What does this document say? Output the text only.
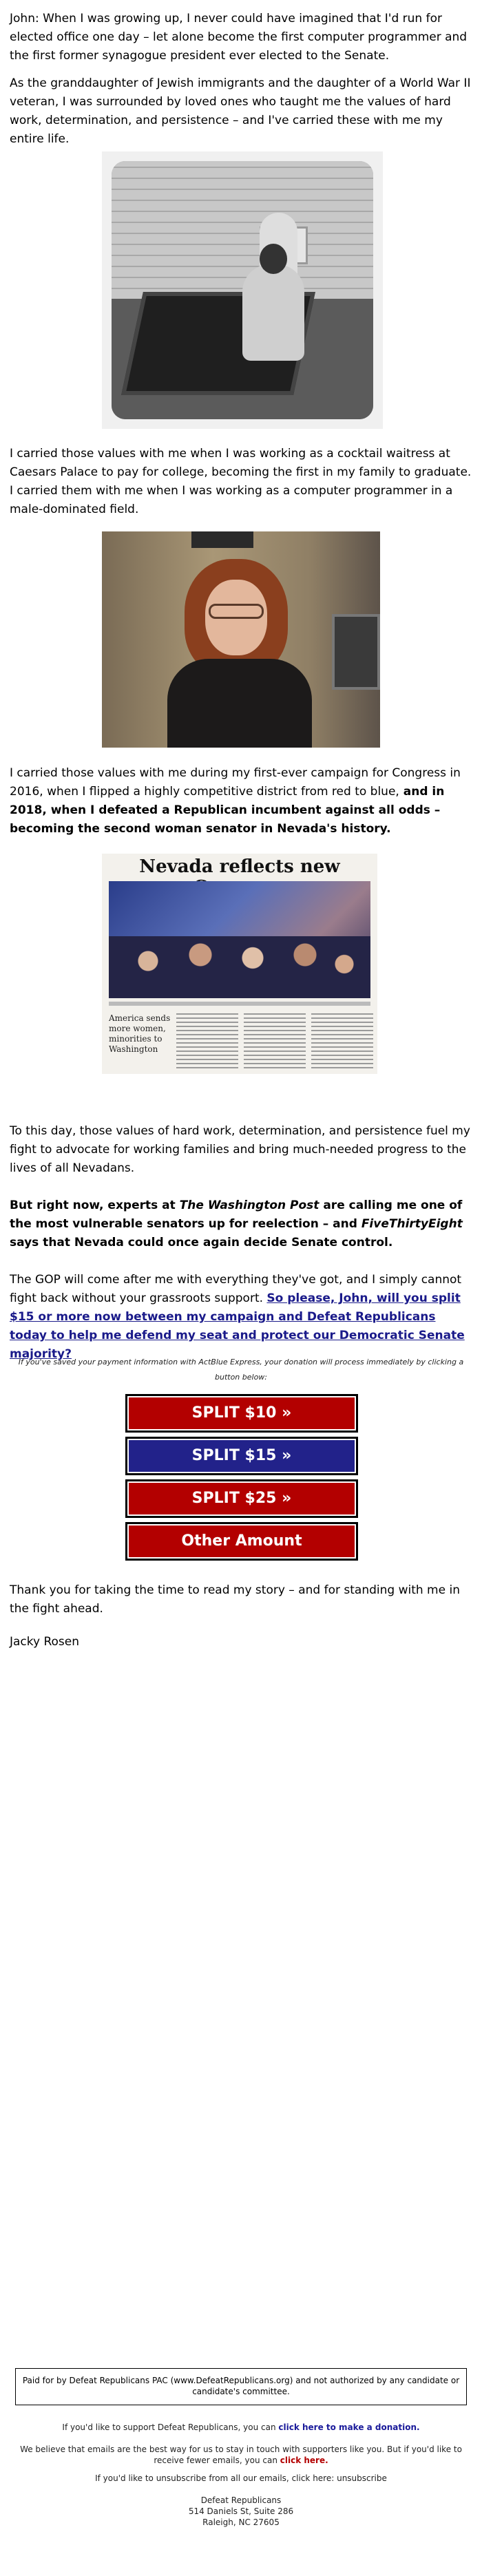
John: When I was growing up, I never could have imagined that I'd run for elected office one day – let alone become the first computer programmer and the first former synagogue president ever elected to the Senate.

As the granddaughter of Jewish immigrants and the daughter of a World War II veteran, I was surrounded by loved ones who taught me the values of hard work, determination, and persistence – and I've carried these with me my entire life.

I carried those values with me when I was working as a cocktail waitress at Caesars Palace to pay for college, becoming the first in my family to graduate. I carried them with me when I was working as a computer programmer in a male-dominated field.

I carried those values with me during my first-ever campaign for Congress in 2016, when I flipped a highly competitive district from red to blue, and in 2018, when I defeated a Republican incumbent against all odds – becoming the second woman senator in Nevada's history.

Nevada reflects new
America sends more women, minorities to Washington

To this day, those values of hard work, determination, and persistence fuel my fight to advocate for working families and bring much-needed progress to the lives of all Nevadans.

But right now, experts at The Washington Post are calling me one of the most vulnerable senators up for reelection – and FiveThirtyEight says that Nevada could once again decide Senate control.

The GOP will come after me with everything they've got, and I simply cannot fight back without your grassroots support. So please, John, will you split $15 or more now between my campaign and Defeat Republicans today to help me defend my seat and protect our Democratic Senate majority?

If you've saved your payment information with ActBlue Express, your donation will process immediately by clicking a button below:
SPLIT $10 »
SPLIT $15 »
SPLIT $25 »
Other Amount

Thank you for taking the time to read my story – and for standing with me in the fight ahead.

Jacky Rosen

Paid for by Defeat Republicans PAC (www.DefeatRepublicans.org) and not authorized by any candidate or candidate's committee.
If you'd like to support Defeat Republicans, you can click here to make a donation.
We believe that emails are the best way for us to stay in touch with supporters like you. But if you'd like to receive fewer emails, you can click here.
If you'd like to unsubscribe from all our emails, click here: unsubscribe
Defeat Republicans
514 Daniels St, Suite 286
Raleigh, NC 27605
